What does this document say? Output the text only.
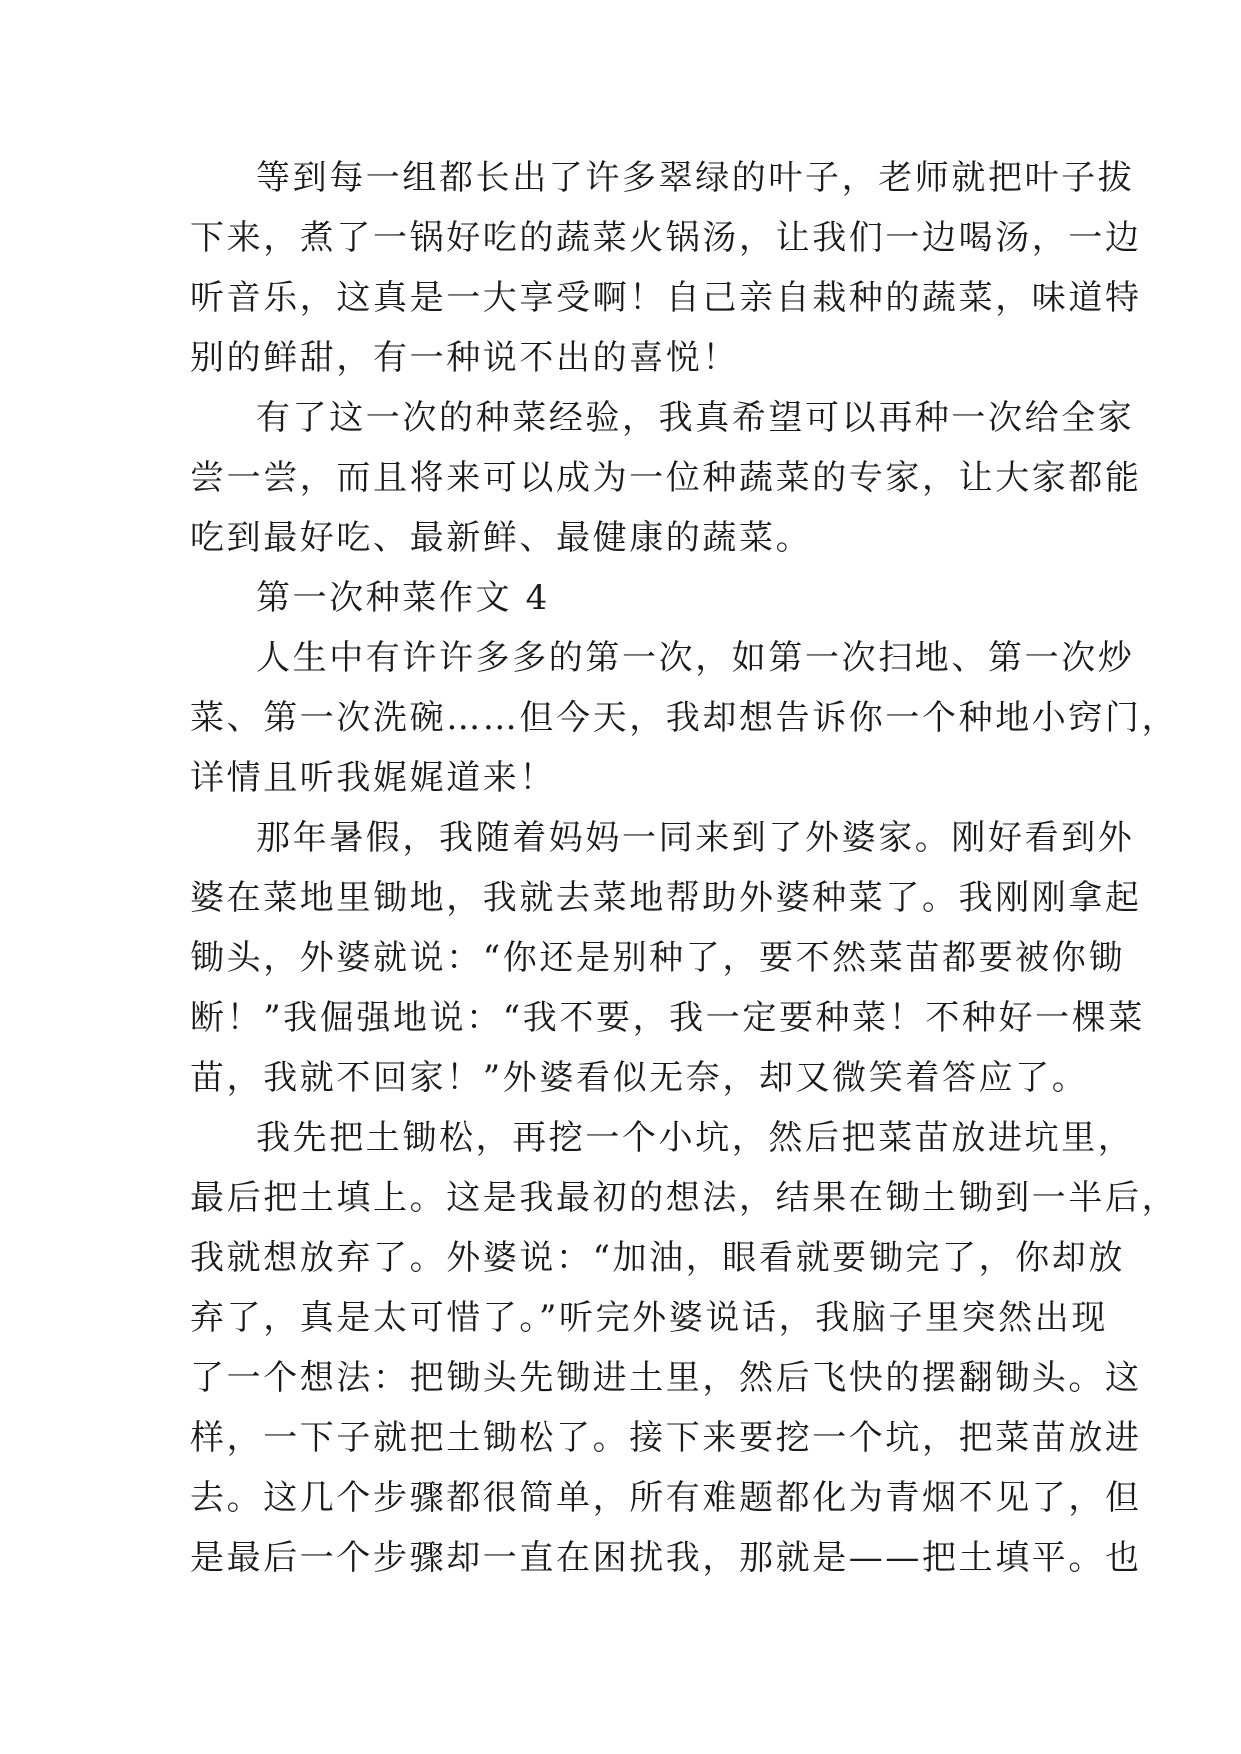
等到每一组都长出了许多翠绿的叶子，老师就把叶子拔
下来，煮了一锅好吃的蔬菜火锅汤，让我们一边喝汤，一边
听音乐，这真是一大享受啊！自己亲自栽种的蔬菜，味道特
别的鲜甜，有一种说不出的喜悦！
有了这一次的种菜经验，我真希望可以再种一次给全家
尝一尝，而且将来可以成为一位种蔬菜的专家，让大家都能
吃到最好吃、最新鲜、最健康的蔬菜。
第一次种菜作文 4
人生中有许许多多的第一次，如第一次扫地、第一次炒
菜、第一次洗碗……但今天，我却想告诉你一个种地小窍门，
详情且听我娓娓道来！
那年暑假，我随着妈妈一同来到了外婆家。刚好看到外
婆在菜地里锄地，我就去菜地帮助外婆种菜了。我刚刚拿起
锄头，外婆就说：“你还是别种了，要不然菜苗都要被你锄
断！”我倔强地说：“我不要，我一定要种菜！不种好一棵菜
苗，我就不回家！”外婆看似无奈，却又微笑着答应了。
我先把土锄松，再挖一个小坑，然后把菜苗放进坑里，
最后把土填上。这是我最初的想法，结果在锄土锄到一半后，
我就想放弃了。外婆说：“加油，眼看就要锄完了，你却放
弃了，真是太可惜了。”听完外婆说话，我脑子里突然出现
了一个想法：把锄头先锄进土里，然后飞快的摆翻锄头。这
样，一下子就把土锄松了。接下来要挖一个坑，把菜苗放进
去。这几个步骤都很简单，所有难题都化为青烟不见了，但
是最后一个步骤却一直在困扰我，那就是——把土填平。也
